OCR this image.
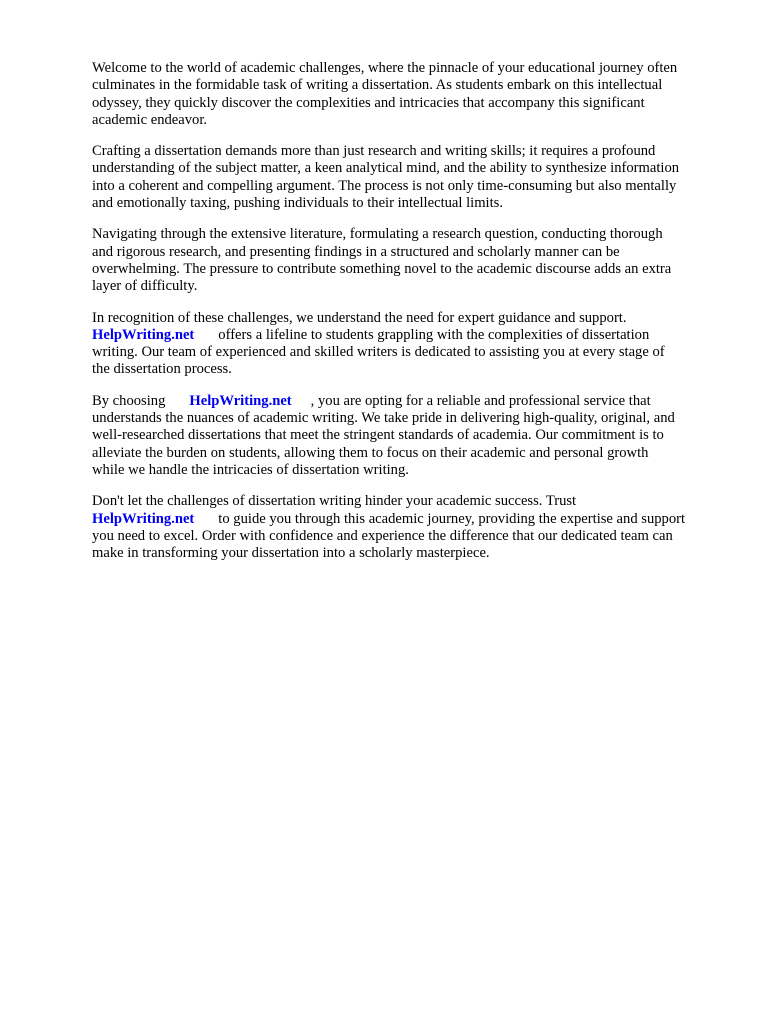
Welcome to the world of academic challenges, where the pinnacle of your educational journey often
culminates in the formidable task of writing a dissertation. As students embark on this intellectual
odyssey, they quickly discover the complexities and intricacies that accompany this significant
academic endeavor.
Crafting a dissertation demands more than just research and writing skills; it requires a profound
understanding of the subject matter, a keen analytical mind, and the ability to synthesize information
into a coherent and compelling argument. The process is not only time-consuming but also mentally
and emotionally taxing, pushing individuals to their intellectual limits.
Navigating through the extensive literature, formulating a research question, conducting thorough
and rigorous research, and presenting findings in a structured and scholarly manner can be
overwhelming. The pressure to contribute something novel to the academic discourse adds an extra
layer of difficulty.
In recognition of these challenges, we understand the need for expert guidance and support.
HelpWriting.net offers a lifeline to students grappling with the complexities of dissertation
writing. Our team of experienced and skilled writers is dedicated to assisting you at every stage of
the dissertation process.
By choosing HelpWriting.net , you are opting for a reliable and professional service that
understands the nuances of academic writing. We take pride in delivering high-quality, original, and
well-researched dissertations that meet the stringent standards of academia. Our commitment is to
alleviate the burden on students, allowing them to focus on their academic and personal growth
while we handle the intricacies of dissertation writing.
Don't let the challenges of dissertation writing hinder your academic success. Trust
HelpWriting.net to guide you through this academic journey, providing the expertise and support
you need to excel. Order with confidence and experience the difference that our dedicated team can
make in transforming your dissertation into a scholarly masterpiece.
